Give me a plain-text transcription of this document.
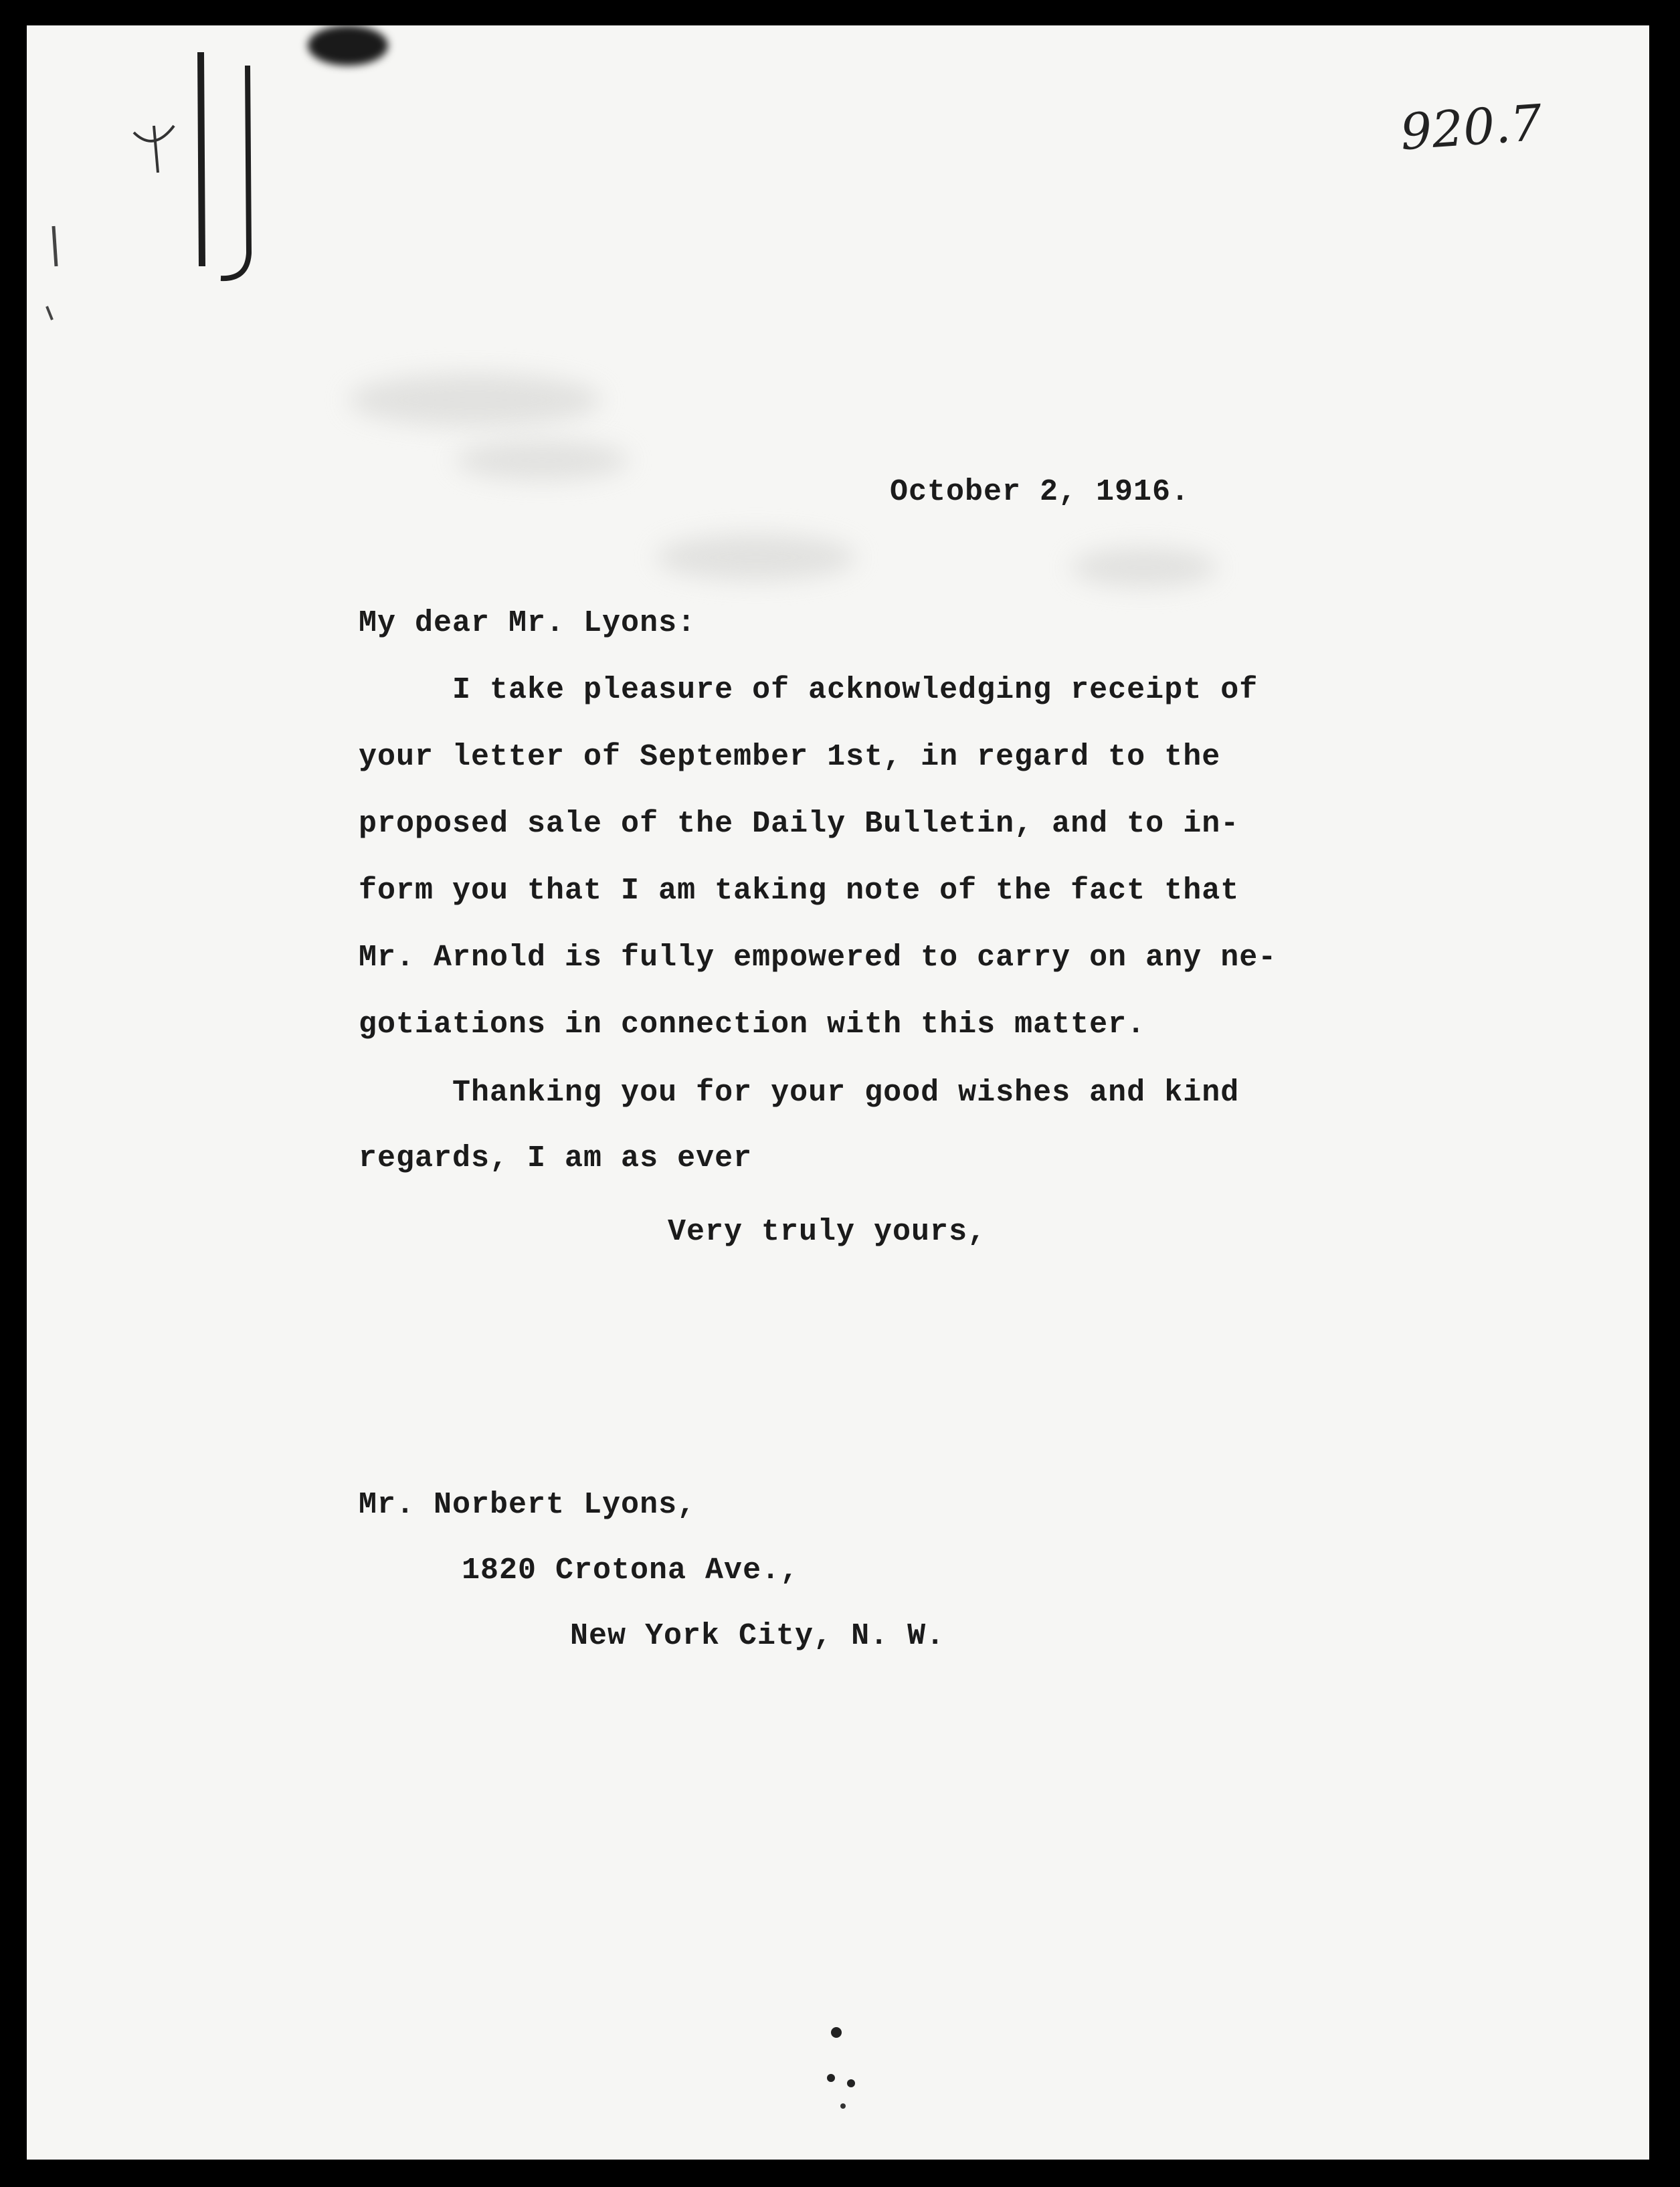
920.7

October 2, 1916.

My dear Mr. Lyons:

I take pleasure of acknowledging receipt of

your letter of September 1st, in regard to the

proposed sale of the Daily Bulletin, and to in-

form you that I am taking note of the fact that

Mr. Arnold is fully empowered to carry on any ne-

gotiations in connection with this matter.

Thanking you for your good wishes and kind

regards, I am as ever

Very truly yours,

Mr. Norbert Lyons,

1820 Crotona Ave.,

New York City, N. W.
